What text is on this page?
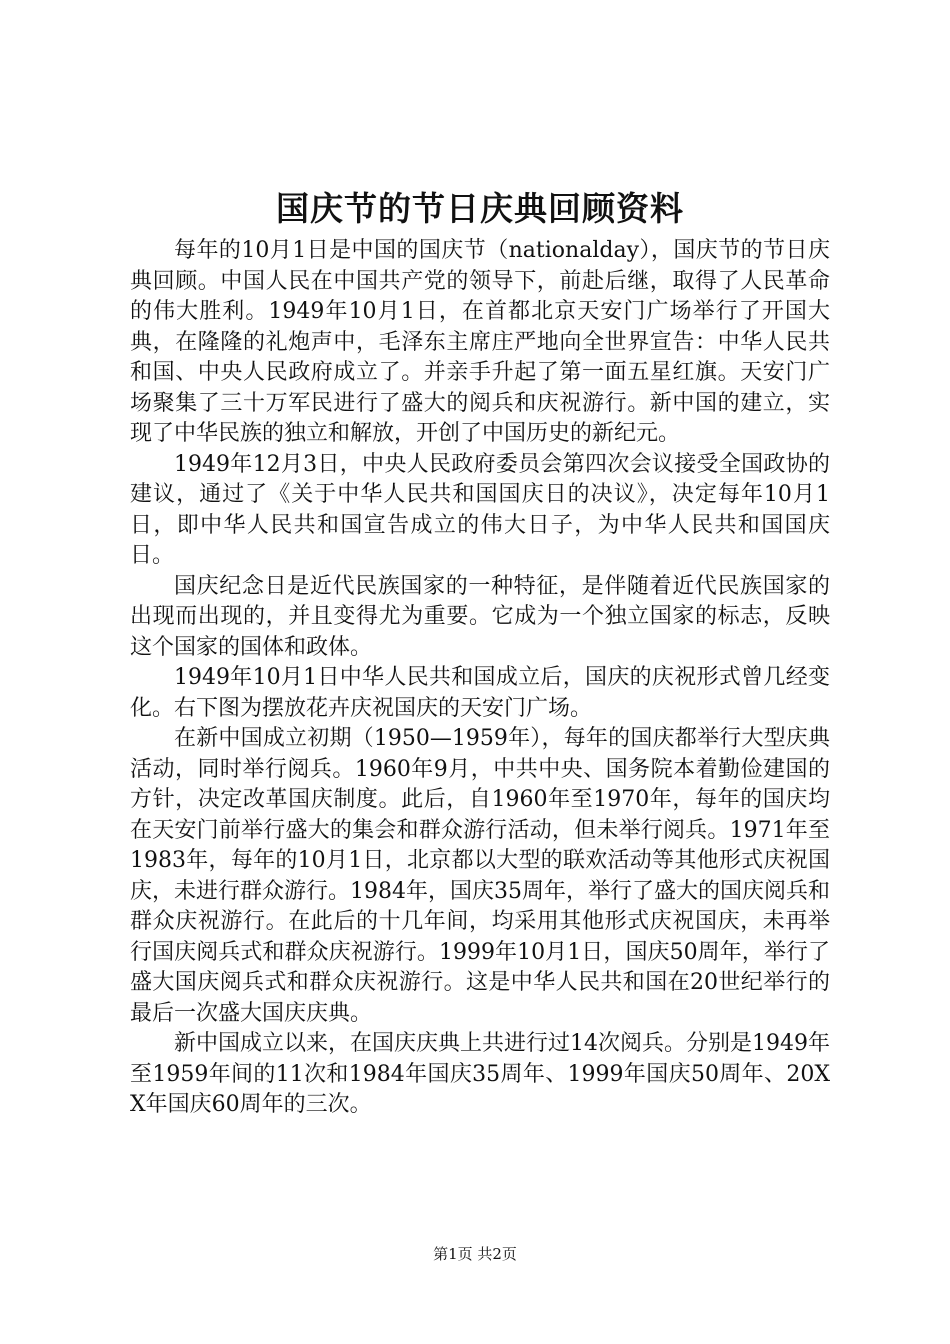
国庆节的节日庆典回顾资料

每年的10月1日是中国的国庆节（nationalday），国庆节的节日庆典回顾。中国人民在中国共产党的领导下，前赴后继，取得了人民革命的伟大胜利。1949年10月1日，在首都北京天安门广场举行了开国大典，在隆隆的礼炮声中，毛泽东主席庄严地向全世界宣告：中华人民共和国、中央人民政府成立了。并亲手升起了第一面五星红旗。天安门广场聚集了三十万军民进行了盛大的阅兵和庆祝游行。新中国的建立，实现了中华民族的独立和解放，开创了中国历史的新纪元。

1949年12月3日，中央人民政府委员会第四次会议接受全国政协的建议，通过了《关于中华人民共和国国庆日的决议》，决定每年10月1日，即中华人民共和国宣告成立的伟大日子，为中华人民共和国国庆日。

国庆纪念日是近代民族国家的一种特征，是伴随着近代民族国家的出现而出现的，并且变得尤为重要。它成为一个独立国家的标志，反映这个国家的国体和政体。

1949年10月1日中华人民共和国成立后，国庆的庆祝形式曾几经变化。右下图为摆放花卉庆祝国庆的天安门广场。

在新中国成立初期（1950—1959年），每年的国庆都举行大型庆典活动，同时举行阅兵。1960年9月，中共中央、国务院本着勤俭建国的方针，决定改革国庆制度。此后，自1960年至1970年，每年的国庆均在天安门前举行盛大的集会和群众游行活动，但未举行阅兵。1971年至1983年，每年的10月1日，北京都以大型的联欢活动等其他形式庆祝国庆，未进行群众游行。1984年，国庆35周年，举行了盛大的国庆阅兵和群众庆祝游行。在此后的十几年间，均采用其他形式庆祝国庆，未再举行国庆阅兵式和群众庆祝游行。1999年10月1日，国庆50周年，举行了盛大国庆阅兵式和群众庆祝游行。这是中华人民共和国在20世纪举行的最后一次盛大国庆庆典。

新中国成立以来，在国庆庆典上共进行过14次阅兵。分别是1949年至1959年间的11次和1984年国庆35周年、1999年国庆50周年、20XX年国庆60周年的三次。

第1页 共2页
